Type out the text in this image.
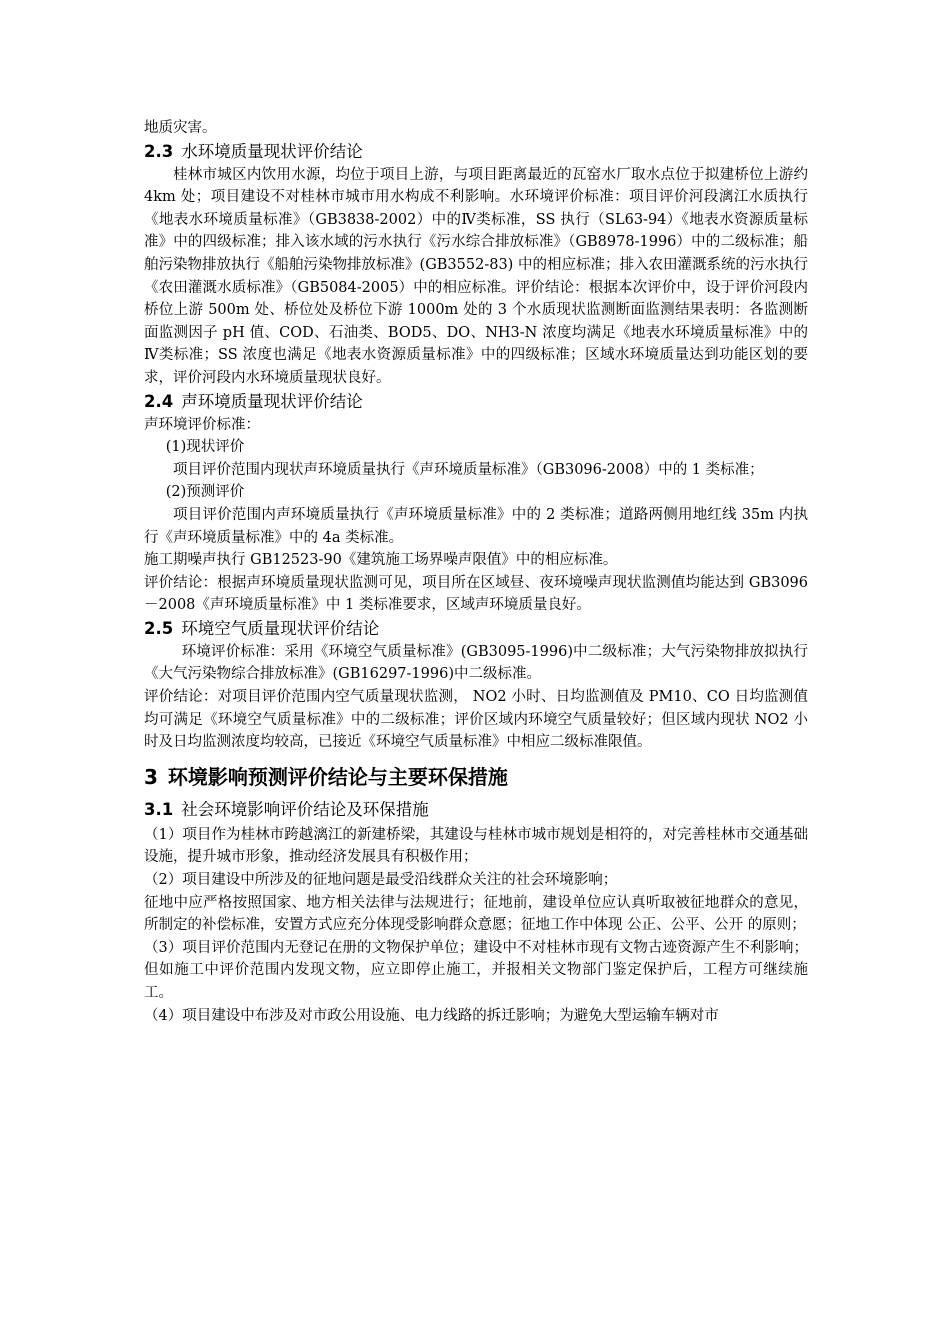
地质灾害。

2.3 水环境质量现状评价结论

桂林市城区内饮用水源，均位于项目上游，与项目距离最近的瓦窑水厂取水点位于拟建桥位上游约 4km 处；项目建设不对桂林市城市用水构成不利影响。水环境评价标准：项目评价河段漓江水质执行《地表水环境质量标准》（GB3838-2002）中的Ⅳ类标准，SS 执行（SL63-94）《地表水资源质量标准》中的四级标准；排入该水域的污水执行《污水综合排放标准》（GB8978-1996）中的二级标准；船舶污染物排放执行《船舶污染物排放标准》(GB3552-83) 中的相应标准；排入农田灌溉系统的污水执行《农田灌溉水质标准》（GB5084-2005）中的相应标准。评价结论：根据本次评价中，设于评价河段内桥位上游 500m 处、桥位处及桥位下游 1000m 处的 3 个水质现状监测断面监测结果表明：各监测断面监测因子 pH 值、COD、石油类、BOD5、DO、NH3-N 浓度均满足《地表水环境质量标准》中的Ⅳ类标准；SS 浓度也满足《地表水资源质量标准》中的四级标准；区域水环境质量达到功能区划的要求，评价河段内水环境质量现状良好。

2.4 声环境质量现状评价结论

声环境评价标准：

(1)现状评价

项目评价范围内现状声环境质量执行《声环境质量标准》（GB3096-2008）中的 1 类标准；

(2)预测评价

项目评价范围内声环境质量执行《声环境质量标准》中的 2 类标准；道路两侧用地红线 35m 内执行《声环境质量标准》中的 4a 类标准。

施工期噪声执行 GB12523-90《建筑施工场界噪声限值》中的相应标准。

评价结论：根据声环境质量现状监测可见，项目所在区域昼、夜环境噪声现状监测值均能达到 GB3096－2008《声环境质量标准》中 1 类标准要求，区域声环境质量良好。

2.5 环境空气质量现状评价结论

环境评价标准：采用《环境空气质量标准》(GB3095-1996)中二级标准；大气污染物排放拟执行《大气污染物综合排放标准》(GB16297-1996)中二级标准。

评价结论：对项目评价范围内空气质量现状监测， NO2 小时、日均监测值及 PM10、CO 日均监测值均可满足《环境空气质量标准》中的二级标准；评价区域内环境空气质量较好；但区域内现状 NO2 小时及日均监测浓度均较高，已接近《环境空气质量标准》中相应二级标准限值。

3 环境影响预测评价结论与主要环保措施
3.1 社会环境影响评价结论及环保措施

（1）项目作为桂林市跨越漓江的新建桥梁，其建设与桂林市城市规划是相符的，对完善桂林市交通基础设施，提升城市形象，推动经济发展具有积极作用；

（2）项目建设中所涉及的征地问题是最受沿线群众关注的社会环境影响；

征地中应严格按照国家、地方相关法律与法规进行；征地前，建设单位应认真听取被征地群众的意见，所制定的补偿标准，安置方式应充分体现受影响群众意愿；征地工作中体现 公正、公平、公开 的原则；

（3）项目评价范围内无登记在册的文物保护单位；建设中不对桂林市现有文物古迹资源产生不利影响；但如施工中评价范围内发现文物，应立即停止施工，并报相关文物部门鉴定保护后，工程方可继续施工。

（4）项目建设中布涉及对市政公用设施、电力线路的拆迁影响；为避免大型运输车辆对市
